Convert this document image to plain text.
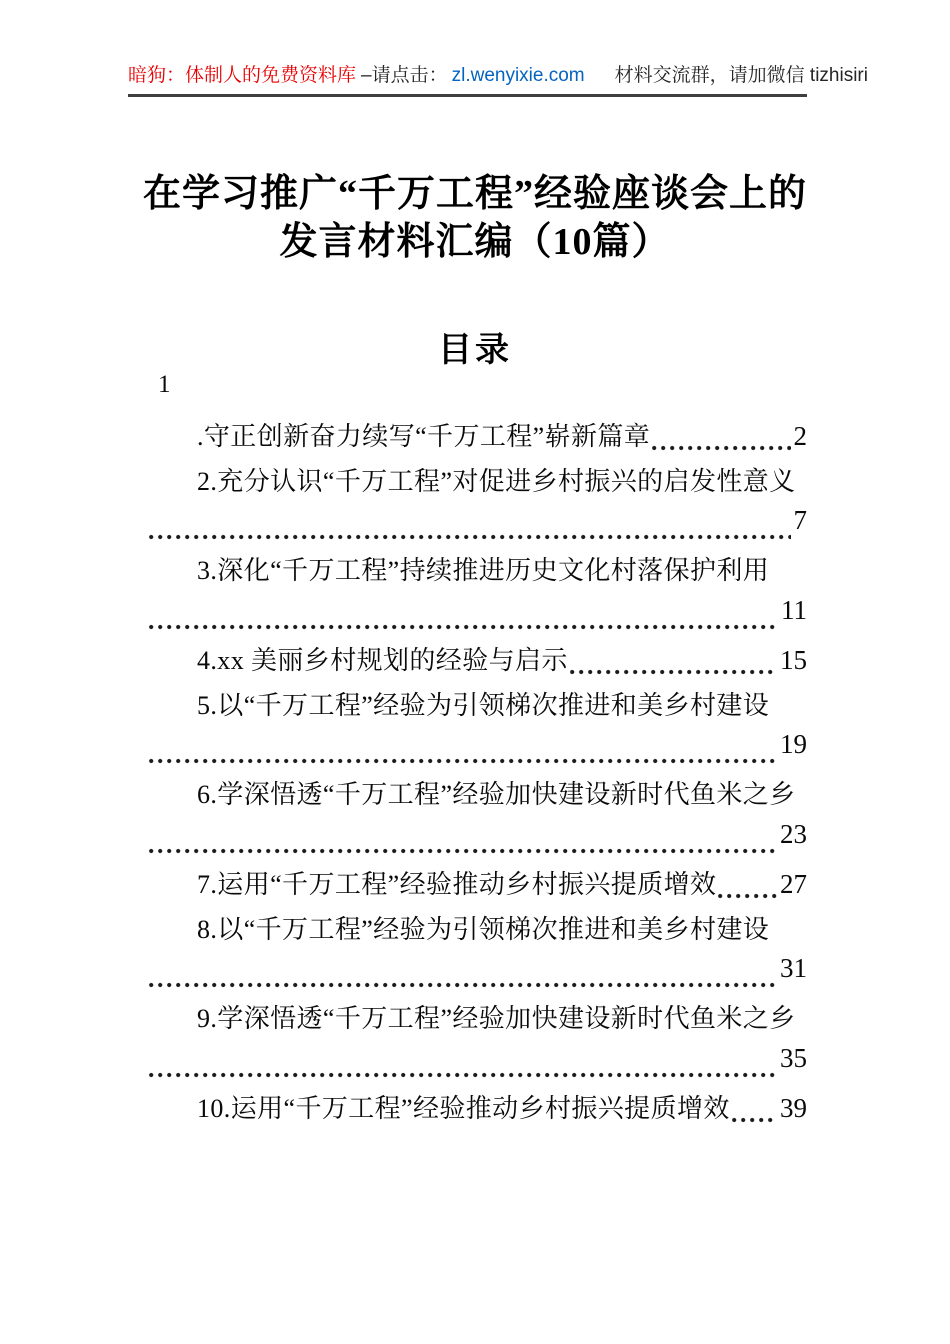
暗狗：体制人的免费资料库 –请点击： zl.wenyixie.com 材料交流群，请加微信 tizhisiri
在学习推广“千万工程”经验座谈会上的
发言材料汇编（10篇）
目录
1
.守正创新奋力续写“千万工程”崭新篇章	2
2.充分认识“千万工程”对促进乡村振兴的启发性意义
7
3.深化“千万工程”持续推进历史文化村落保护利用
11
4.xx 美丽乡村规划的经验与启示	15
5.以“千万工程”经验为引领梯次推进和美乡村建设
19
6.学深悟透“千万工程”经验加快建设新时代鱼米之乡
23
7.运用“千万工程”经验推动乡村振兴提质增效 27
8.以“千万工程”经验为引领梯次推进和美乡村建设
31
9.学深悟透“千万工程”经验加快建设新时代鱼米之乡
35
10.运用“千万工程”经验推动乡村振兴提质增效 39
